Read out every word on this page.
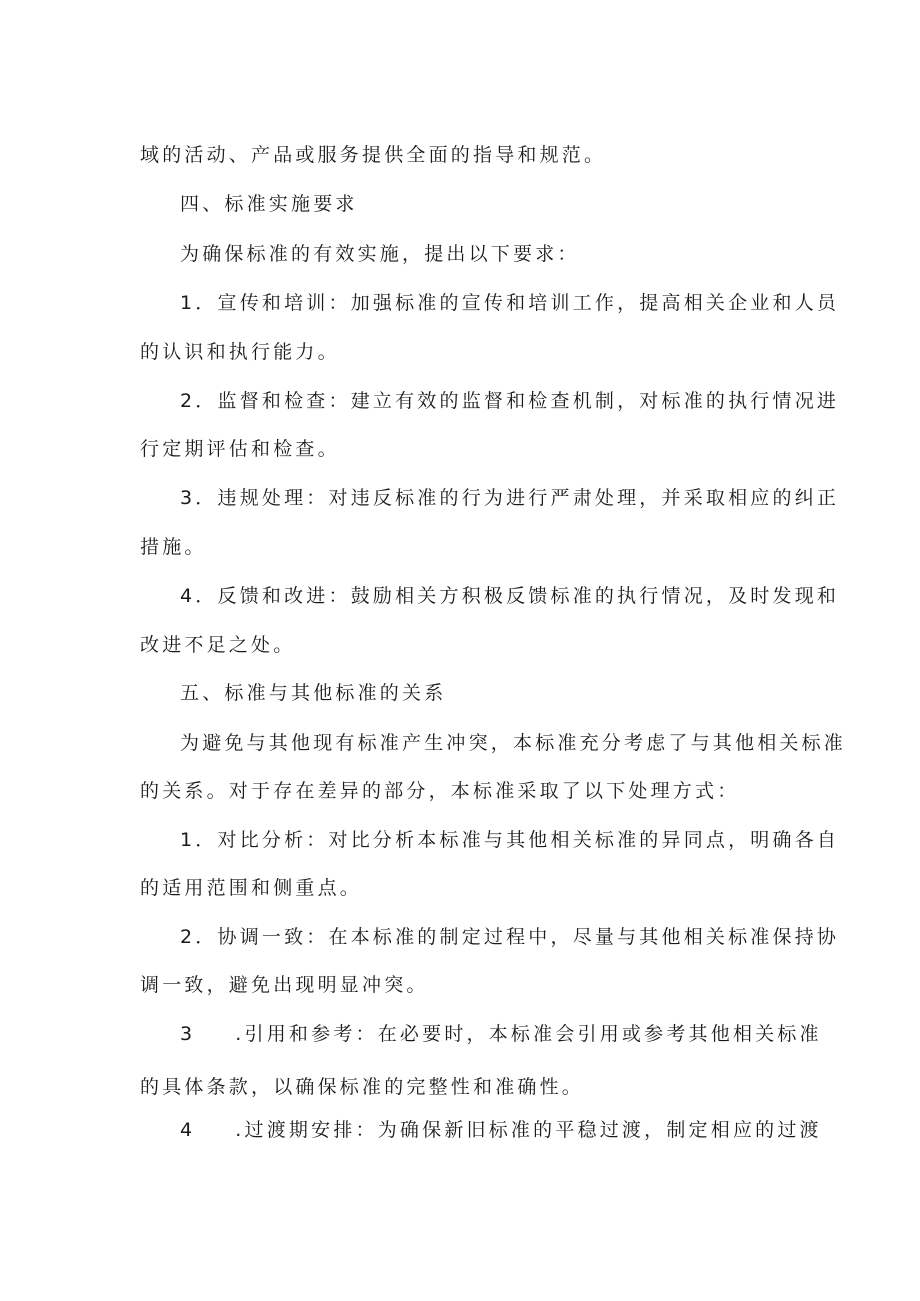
域的活动、产品或服务提供全面的指导和规范。
四、标准实施要求
为确保标准的有效实施，提出以下要求：
1．宣传和培训：加强标准的宣传和培训工作，提高相关企业和人员
的认识和执行能力。
2．监督和检查：建立有效的监督和检查机制，对标准的执行情况进
行定期评估和检查。
3．违规处理：对违反标准的行为进行严肃处理，并采取相应的纠正
措施。
4．反馈和改进：鼓励相关方积极反馈标准的执行情况，及时发现和
改进不足之处。
五、标准与其他标准的关系
为避免与其他现有标准产生冲突，本标准充分考虑了与其他相关标准
的关系。对于存在差异的部分，本标准采取了以下处理方式：
1．对比分析：对比分析本标准与其他相关标准的异同点，明确各自
的适用范围和侧重点。
2．协调一致：在本标准的制定过程中，尽量与其他相关标准保持协
调一致，避免出现明显冲突。
3 .引用和参考：在必要时，本标准会引用或参考其他相关标准
的具体条款，以确保标准的完整性和准确性。
4 .过渡期安排：为确保新旧标准的平稳过渡，制定相应的过渡
